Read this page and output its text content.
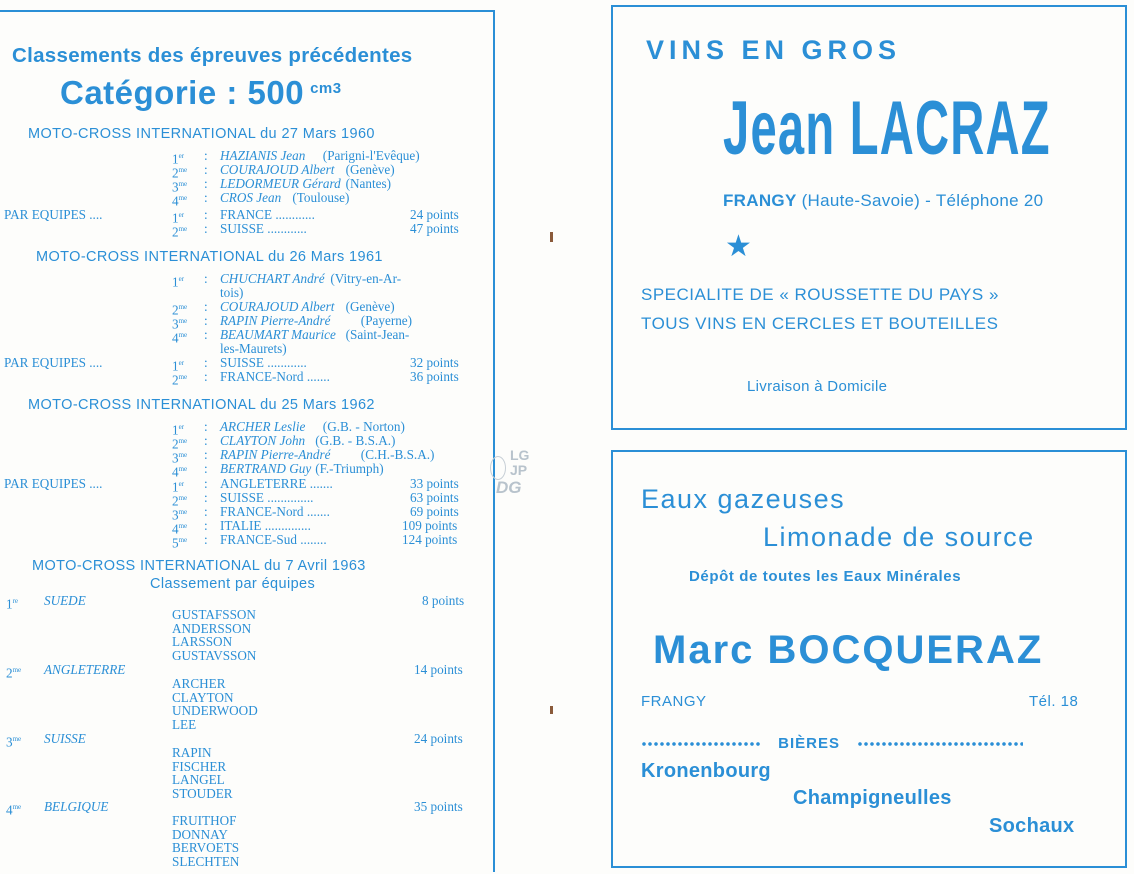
Classements des épreuves précédentes
Catégorie : 500 $^{cm3}$
MOTO-CROSS INTERNATIONAL du 27 Mars 1960
1er : HAZIANIS Jean (Parigni-l'Evêque)
$2^{me}$ : COURAJOUD Albert (Genève)
$3^{me}$ : LEDORMEUR Gérard (Nantes)
$4^{me}$ : CROS Jean (Toulouse)
PAR EQUIPES ....	1er : FRANCE ............	24 points
$2^{me}$ : SUISSE ............	47 points
MOTO-CROSS INTERNATIONAL du 26 Mars 1961
1er : CHUCHART André (Vitry-en-Ar-
tois)
$2^{me}$ : COURAJOUD Albert (Genève)
$3^{me}$ : RAPIN Pierre-André (Payerne)
$4^{me}$ : BEAUMART Maurice (Saint-Jean-
les-Maurets)
PAR EQUIPES ....	1er : SUISSE ............	32 points
$2^{me}$ : FRANCE-Nord .......	36 points
MOTO-CROSS INTERNATIONAL du 25 Mars 1962
1er : ARCHER Leslie (G.B. - Norton)
$2^{me}$ : CLAYTON John (G.B. - B.S.A.)
$3^{me}$ : RAPIN Pierre-André (C.H.-B.S.A.)
$4^{me}$ : BERTRAND Guy (F.-Triumph)
PAR EQUIPES ....	1er : ANGLETERRE .......	33 points
$2^{me}$ : SUISSE ..............	63 points
$3^{me}$ : FRANCE-Nord .......	69 points
$4^{me}$ : ITALIE ..............	109 points
$5^{me}$ : FRANCE-Sud ........	124 points
MOTO-CROSS INTERNATIONAL du 7 Avril 1963
Classement par équipes
1re SUEDE	8 points
GUSTAFSSON
ANDERSSON
LARSSON
GUSTAVSSON
$2^{me}$ ANGLETERRE	14 points
ARCHER
CLAYTON
UNDERWOOD
LEE
$3^{me}$ SUISSE	24 points
RAPIN
FISCHER
LANGEL
STOUDER
$4^{me}$ BELGIQUE	35 points
FRUITHOF
DONNAY
BERVOETS
SLECHTEN
LG
JP
DG
VINS EN GROS
Jean LACRAZ
FRANGY (Haute-Savoie) - Téléphone 20
★
SPECIALITE DE « ROUSSETTE DU PAYS »
TOUS VINS EN CERCLES ET BOUTEILLES
Livraison à Domicile
Eaux gazeuses
Limonade de source
Dépôt de toutes les Eaux Minérales
Marc BOCQUERAZ
FRANGY	Tél. 18
BIÈRES
Kronenbourg
Champigneulles
Sochaux
